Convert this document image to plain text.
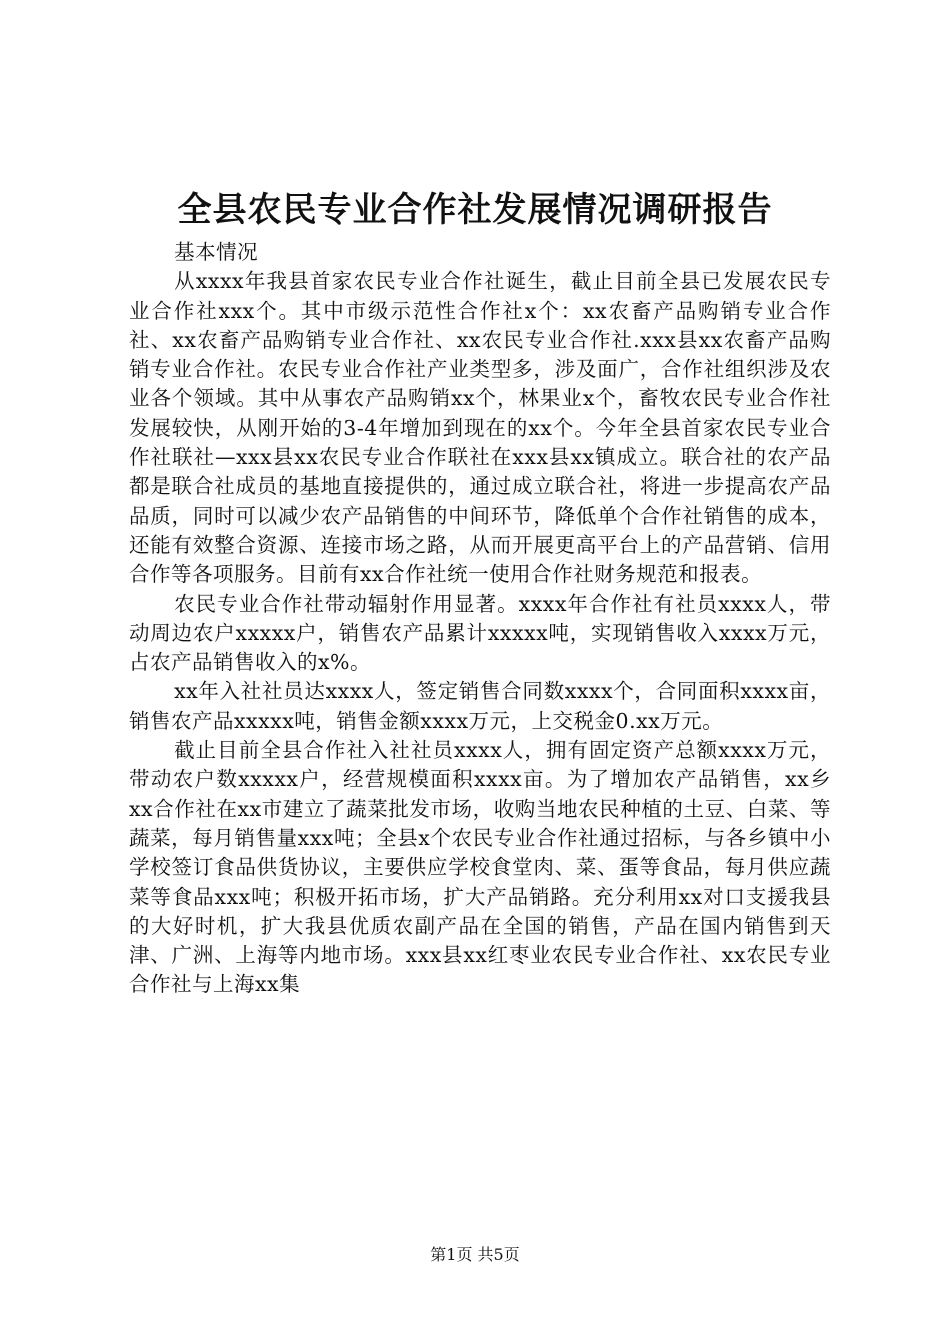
全县农民专业合作社发展情况调研报告
基本情况

从xxxx年我县首家农民专业合作社诞生，截止目前全县已发展农民专业合作社xxx个。其中市级示范性合作社x个：xx农畜产品购销专业合作社、xx农畜产品购销专业合作社、xx农民专业合作社.xxx县xx农畜产品购销专业合作社。农民专业合作社产业类型多，涉及面广，合作社组织涉及农业各个领域。其中从事农产品购销xx个，林果业x个，畜牧农民专业合作社发展较快，从刚开始的3-4年增加到现在的xx个。今年全县首家农民专业合作社联社—xxx县xx农民专业合作联社在xxx县xx镇成立。联合社的农产品都是联合社成员的基地直接提供的，通过成立联合社，将进一步提高农产品品质，同时可以减少农产品销售的中间环节，降低单个合作社销售的成本，还能有效整合资源、连接市场之路，从而开展更高平台上的产品营销、信用合作等各项服务。目前有xx合作社统一使用合作社财务规范和报表。

农民专业合作社带动辐射作用显著。xxxx年合作社有社员xxxx人，带动周边农户xxxxx户，销售农产品累计xxxxx吨，实现销售收入xxxx万元，占农产品销售收入的x%。

xx年入社社员达xxxx人，签定销售合同数xxxx个，合同面积xxxx亩，销售农产品xxxxx吨，销售金额xxxx万元，上交税金0.xx万元。

截止目前全县合作社入社社员xxxx人，拥有固定资产总额xxxx万元，带动农户数xxxxx户，经营规模面积xxxx亩。为了增加农产品销售，xx乡xx合作社在xx市建立了蔬菜批发市场，收购当地农民种植的土豆、白菜、等蔬菜，每月销售量xxx吨；全县x个农民专业合作社通过招标，与各乡镇中小学校签订食品供货协议，主要供应学校食堂肉、菜、蛋等食品，每月供应蔬菜等食品xxx吨；积极开拓市场，扩大产品销路。充分利用xx对口支援我县的大好时机，扩大我县优质农副产品在全国的销售，产品在国内销售到天津、广洲、上海等内地市场。xxx县xx红枣业农民专业合作社、xx农民专业合作社与上海xx集

第1页 共5页
